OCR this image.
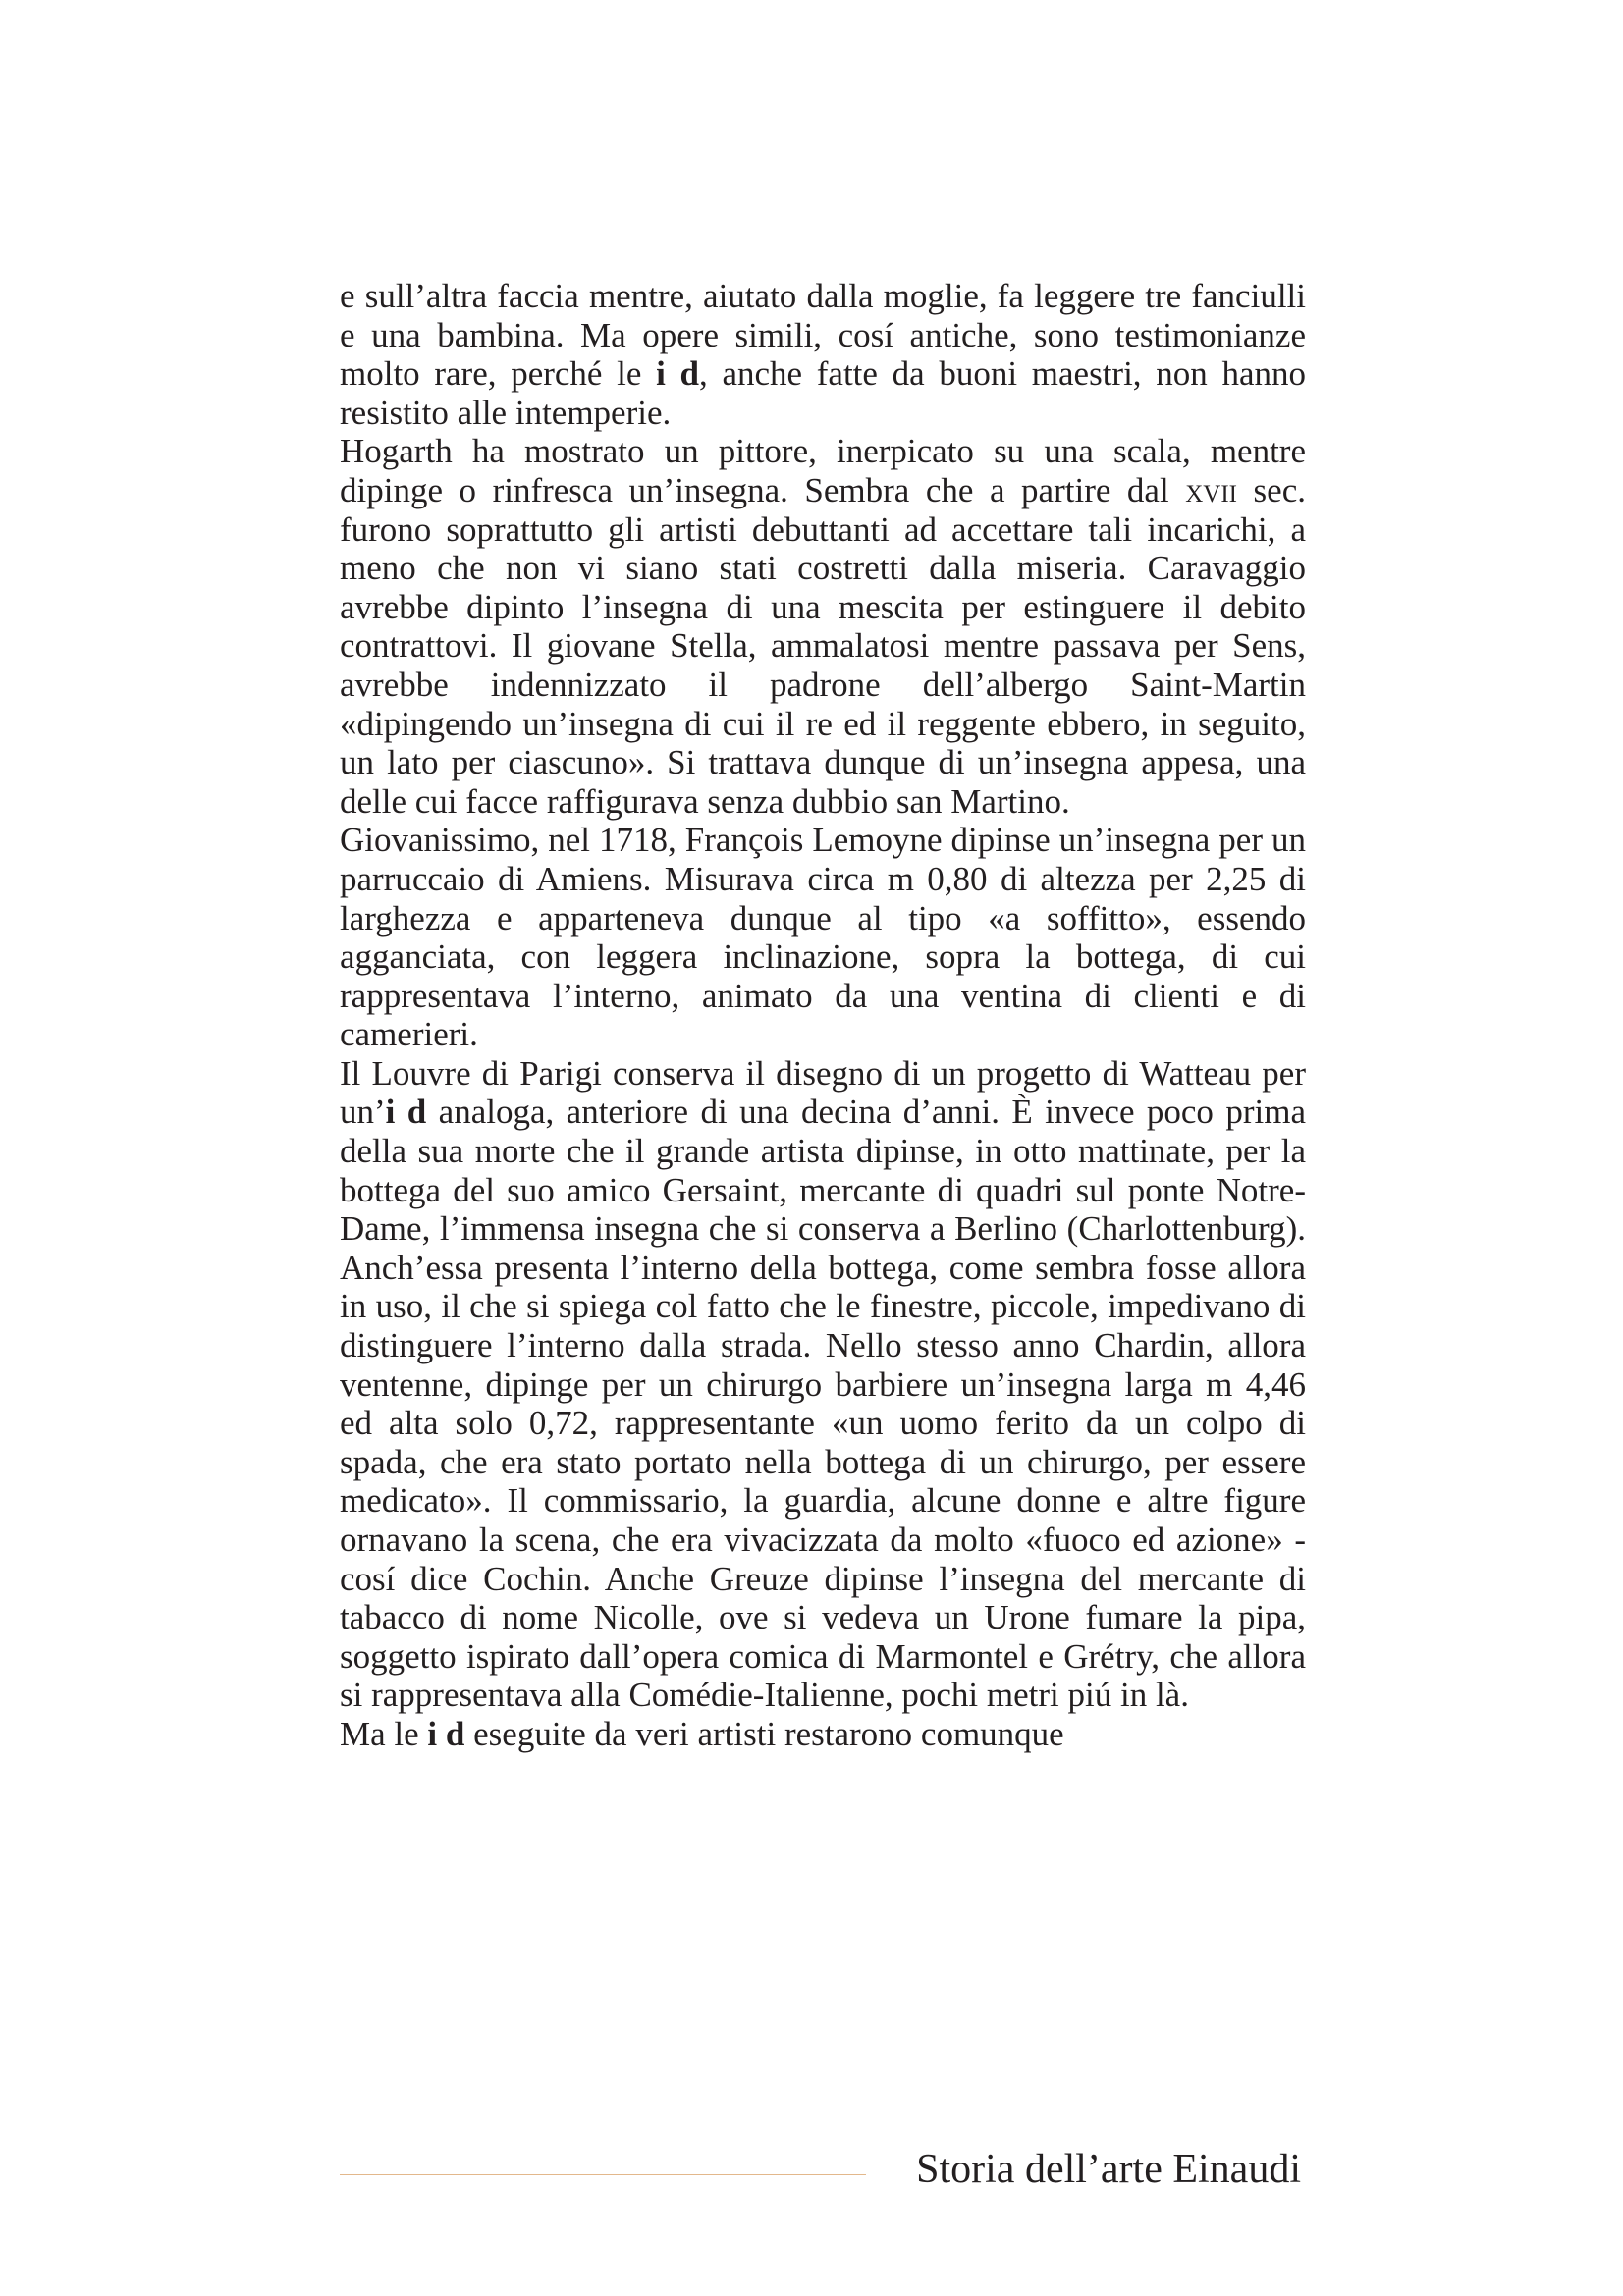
e sull’altra faccia mentre, aiutato dalla moglie, fa leggere tre fanciulli e una bambina. Ma opere simili, cosí antiche, sono testimonianze molto rare, perché le i d, anche fatte da buoni maestri, non hanno resistito alle intemperie.

Hogarth ha mostrato un pittore, inerpicato su una scala, mentre dipinge o rinfresca un’insegna. Sembra che a partire dal xvii sec. furono soprattutto gli artisti debuttanti ad accettare tali incarichi, a meno che non vi siano stati costretti dalla miseria. Caravaggio avrebbe dipinto l’insegna di una mescita per estinguere il debito contrattovi. Il giovane Stella, ammalatosi mentre passava per Sens, avrebbe indennizzato il padrone dell’albergo Saint-Martin «dipingendo un’insegna di cui il re ed il reggente ebbero, in seguito, un lato per ciascuno». Si trattava dunque di un’insegna appesa, una delle cui facce raffigurava senza dubbio san Martino.

Giovanissimo, nel 1718, François Lemoyne dipinse un’insegna per un parruccaio di Amiens. Misurava circa m 0,80 di altezza per 2,25 di larghezza e apparteneva dunque al tipo «a soffitto», essendo agganciata, con leggera inclinazione, sopra la bottega, di cui rappresentava l’interno, animato da una ventina di clienti e di camerieri.

Il Louvre di Parigi conserva il disegno di un progetto di Watteau per un’i d analoga, anteriore di una decina d’anni. È invece poco prima della sua morte che il grande artista dipinse, in otto mattinate, per la bottega del suo amico Gersaint, mercante di quadri sul ponte Notre-Dame, l’immensa insegna che si conserva a Berlino (Charlottenburg). Anch’essa presenta l’interno della bottega, come sembra fosse allora in uso, il che si spiega col fatto che le finestre, piccole, impedivano di distinguere l’interno dalla strada. Nello stesso anno Chardin, allora ventenne, dipinge per un chirurgo barbiere un’insegna larga m 4,46 ed alta solo 0,72, rappresentante «un uomo ferito da un colpo di spada, che era stato portato nella bottega di un chirurgo, per essere medicato». Il commissario, la guardia, alcune donne e altre figure ornavano la scena, che era vivacizzata da molto «fuoco ed azione» - cosí dice Cochin. Anche Greuze dipinse l’insegna del mercante di tabacco di nome Nicolle, ove si vedeva un Urone fumare la pipa, soggetto ispirato dall’opera comica di Marmontel e Grétry, che allora si rappresentava alla Comédie-Italienne, pochi metri piú in là.

Ma le i d eseguite da veri artisti restarono comunque

Storia dell’arte Einaudi
